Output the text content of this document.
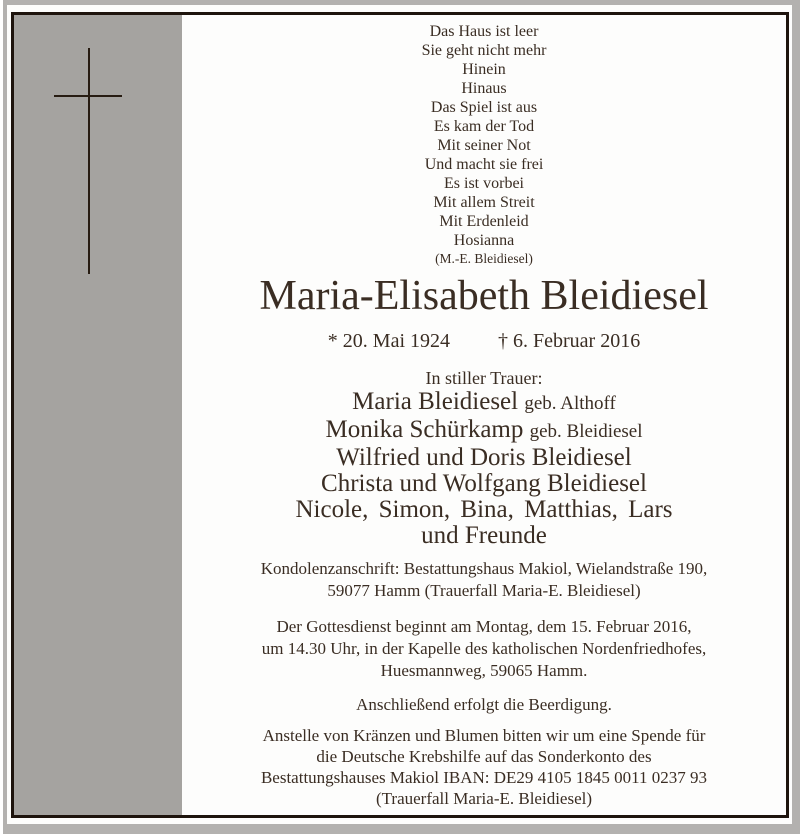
Das Haus ist leer
Sie geht nicht mehr
Hinein
Hinaus
Das Spiel ist aus
Es kam der Tod
Mit seiner Not
Und macht sie frei
Es ist vorbei
Mit allem Streit
Mit Erdenleid
Hosianna
(M.-E. Bleidiesel)
Maria-Elisabeth Bleidiesel
* 20. Mai 1924 † 6. Februar 2016
In stiller Trauer:
Maria Bleidiesel geb. Althoff
Monika Schürkamp geb. Bleidiesel
Wilfried und Doris Bleidiesel
Christa und Wolfgang Bleidiesel
Nicole, Simon, Bina, Matthias, Lars
und Freunde
Kondolenzanschrift: Bestattungshaus Makiol, Wielandstraße 190,
59077 Hamm (Trauerfall Maria-E. Bleidiesel)
Der Gottesdienst beginnt am Montag, dem 15. Februar 2016,
um 14.30 Uhr, in der Kapelle des katholischen Nordenfriedhofes,
Huesmannweg, 59065 Hamm.
Anschließend erfolgt die Beerdigung.
Anstelle von Kränzen und Blumen bitten wir um eine Spende für
die Deutsche Krebshilfe auf das Sonderkonto des
Bestattungshauses Makiol IBAN: DE29 4105 1845 0011 0237 93
(Trauerfall Maria-E. Bleidiesel)
